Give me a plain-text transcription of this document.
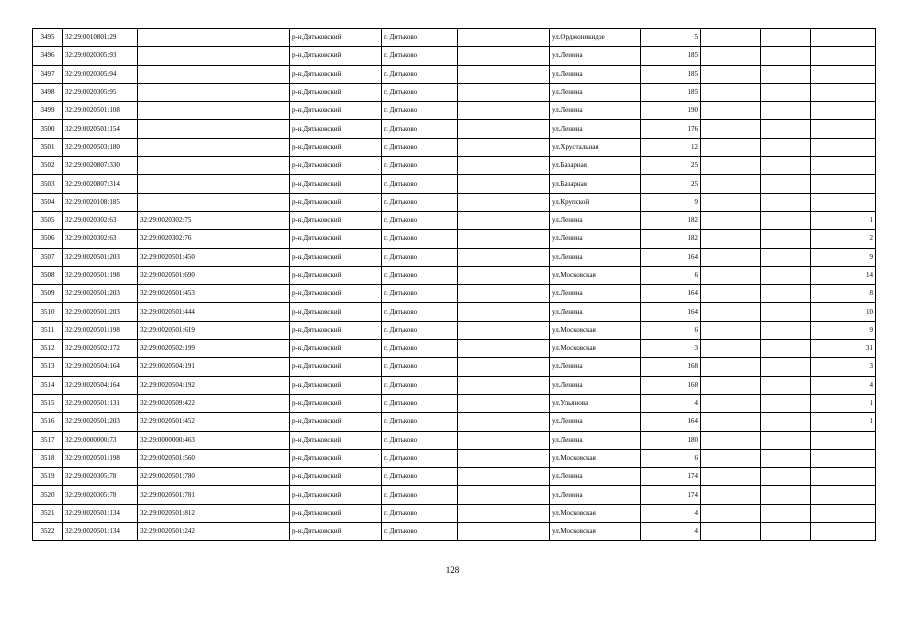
3495	32:29:0010801:29		р-н.Дятьковский	г. Дятьково		ул.Орджоникидзе	5			
3496	32:29:0020305:93		р-н.Дятьковский	г. Дятьково		ул.Ленина	185			
3497	32:29:0020305:94		р-н.Дятьковский	г. Дятьково		ул.Ленина	185			
3498	32:29:0020305:95		р-н.Дятьковский	г. Дятьково		ул.Ленина	185			
3499	32:29:0020501:108		р-н.Дятьковский	г. Дятьково		ул.Ленина	190			
3500	32:29:0020501:154		р-н.Дятьковский	г. Дятьково		ул.Ленина	176			
3501	32:29:0020503:180		р-н.Дятьковский	г. Дятьково		ул.Хрустальная	12			
3502	32:29:0020807:330		р-н.Дятьковский	г. Дятьково		ул.Базарная	25			
3503	32:29:0020807:314		р-н.Дятьковский	г. Дятьково		ул.Базарная	25			
3504	32:29:0020108:185		р-н.Дятьковский	г. Дятьково		ул.Крупской	9			
3505	32:29:0020302:63	32:29:0020302:75	р-н.Дятьковский	г. Дятьково		ул.Ленина	182			1
3506	32:29:0020302:63	32:29:0020302:76	р-н.Дятьковский	г. Дятьково		ул.Ленина	182			2
3507	32:29:0020501:203	32:29:0020501:450	р-н.Дятьковский	г. Дятьково		ул.Ленина	164			9
3508	32:29:0020501:198	32:29:0020501:690	р-н.Дятьковский	г. Дятьково		ул.Московская	6			14
3509	32:29:0020501:203	32:29:0020501:453	р-н.Дятьковский	г. Дятьково		ул.Ленина	164			8
3510	32:29:0020501:203	32:29:0020501:444	р-н.Дятьковский	г. Дятьково		ул.Ленина	164			10
3511	32:29:0020501:198	32:29:0020501:619	р-н.Дятьковский	г. Дятьково		ул.Московская	6			9
3512	32:29:0020502:172	32:29:0020502:199	р-н.Дятьковский	г. Дятьково		ул.Московская	3			31
3513	32:29:0020504:164	32:29:0020504:191	р-н.Дятьковский	г. Дятьково		ул.Ленина	168			3
3514	32:29:0020504:164	32:29:0020504:192	р-н.Дятьковский	г. Дятьково		ул.Ленина	168			4
3515	32:29:0020501:131	32:29:0020509:422	р-н.Дятьковский	г. Дятьково		ул.Ульянова	4			1
3516	32:29:0020501:203	32:29:0020501:452	р-н.Дятьковский	г. Дятьково		ул.Ленина	164			1
3517	32:29:0000000:73	32:29:0000000:463	р-н.Дятьковский	г. Дятьково		ул.Ленина	180			
3518	32:29:0020501:198	32:29:0020501:560	р-н.Дятьковский	г. Дятьково		ул.Московская	6			
3519	32:29:0020305:78	32:29:0020501:780	р-н.Дятьковский	г. Дятьково		ул.Ленина	174			
3520	32:29:0020305:78	32:29:0020501:781	р-н.Дятьковский	г. Дятьково		ул.Ленина	174			
3521	32:29:0020501:134	32:29:0020501:812	р-н.Дятьковский	г. Дятьково		ул.Московская	4			
3522	32:29:0020501:134	32:29:0020501:242	р-н.Дятьковский	г. Дятьково		ул.Московская	4			
128
